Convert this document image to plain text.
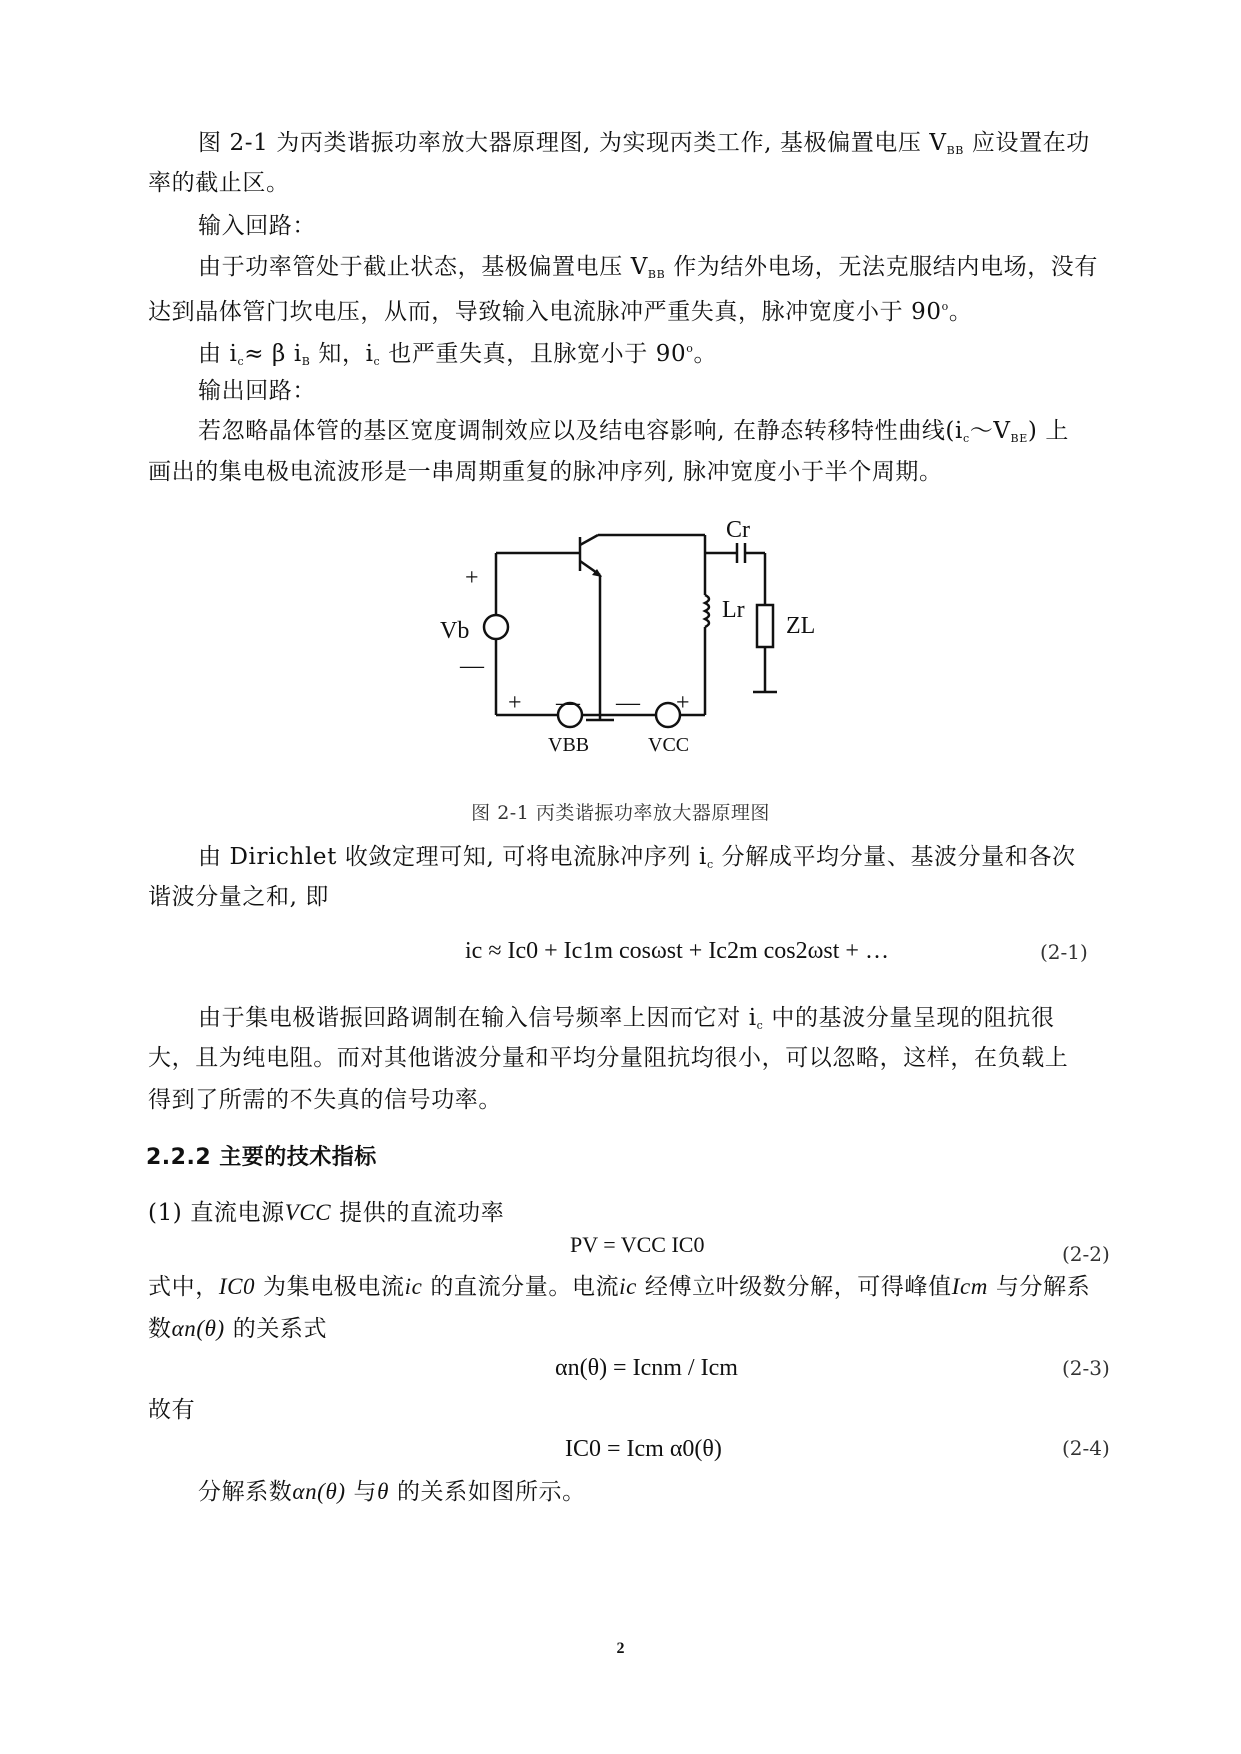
图 2-1 为丙类谐振功率放大器原理图, 为实现丙类工作, 基极偏置电压 $V_{BB}$ 应设置在功
率的截止区。
输入回路：
由于功率管处于截止状态，基极偏置电压 $V_{BB}$ 作为结外电场，无法克服结内电场，没有
达到晶体管门坎电压，从而，导致输入电流脉冲严重失真，脉冲宽度小于 90$^o$。
由 $i_c\approx \beta$ $i_B$ 知，$i_c$ 也严重失真，且脉宽小于 90$^o$。
输出回路：
若忽略晶体管的基区宽度调制效应以及结电容影响, 在静态转移特性曲线$(i_c\sim V_{BE})$ 上
画出的集电极电流波形是一串周期重复的脉冲序列, 脉冲宽度小于半个周期。
+
Vb
—
+ — — +
VBB	VCC
Cr
Lr
ZL
图 2-1 丙类谐振功率放大器原理图
由 Dirichlet 收敛定理可知, 可将电流脉冲序列 $i_c$ 分解成平均分量、基波分量和各次
谐波分量之和, 即
ic ≈ Ic0 + Ic1m cosωst + Ic2m cos2ωst + …	(2-1)
由于集电极谐振回路调制在输入信号频率上因而它对 $i_c$ 中的基波分量呈现的阻抗很
大，且为纯电阻。而对其他谐波分量和平均分量阻抗均很小，可以忽略，这样，在负载上
得到了所需的不失真的信号功率。
2.2.2 主要的技术指标
(1) 直流电源VCC 提供的直流功率
PV = VCC IC0	(2-2)
式中，IC0 为集电极电流ic 的直流分量。电流ic 经傅立叶级数分解，可得峰值Icm 与分解系
数αn(θ) 的关系式
αn(θ) = Icnm / Icm	(2-3)
故有
IC0 = Icm α0(θ)	(2-4)
分解系数αn(θ) 与θ 的关系如图所示。
2
